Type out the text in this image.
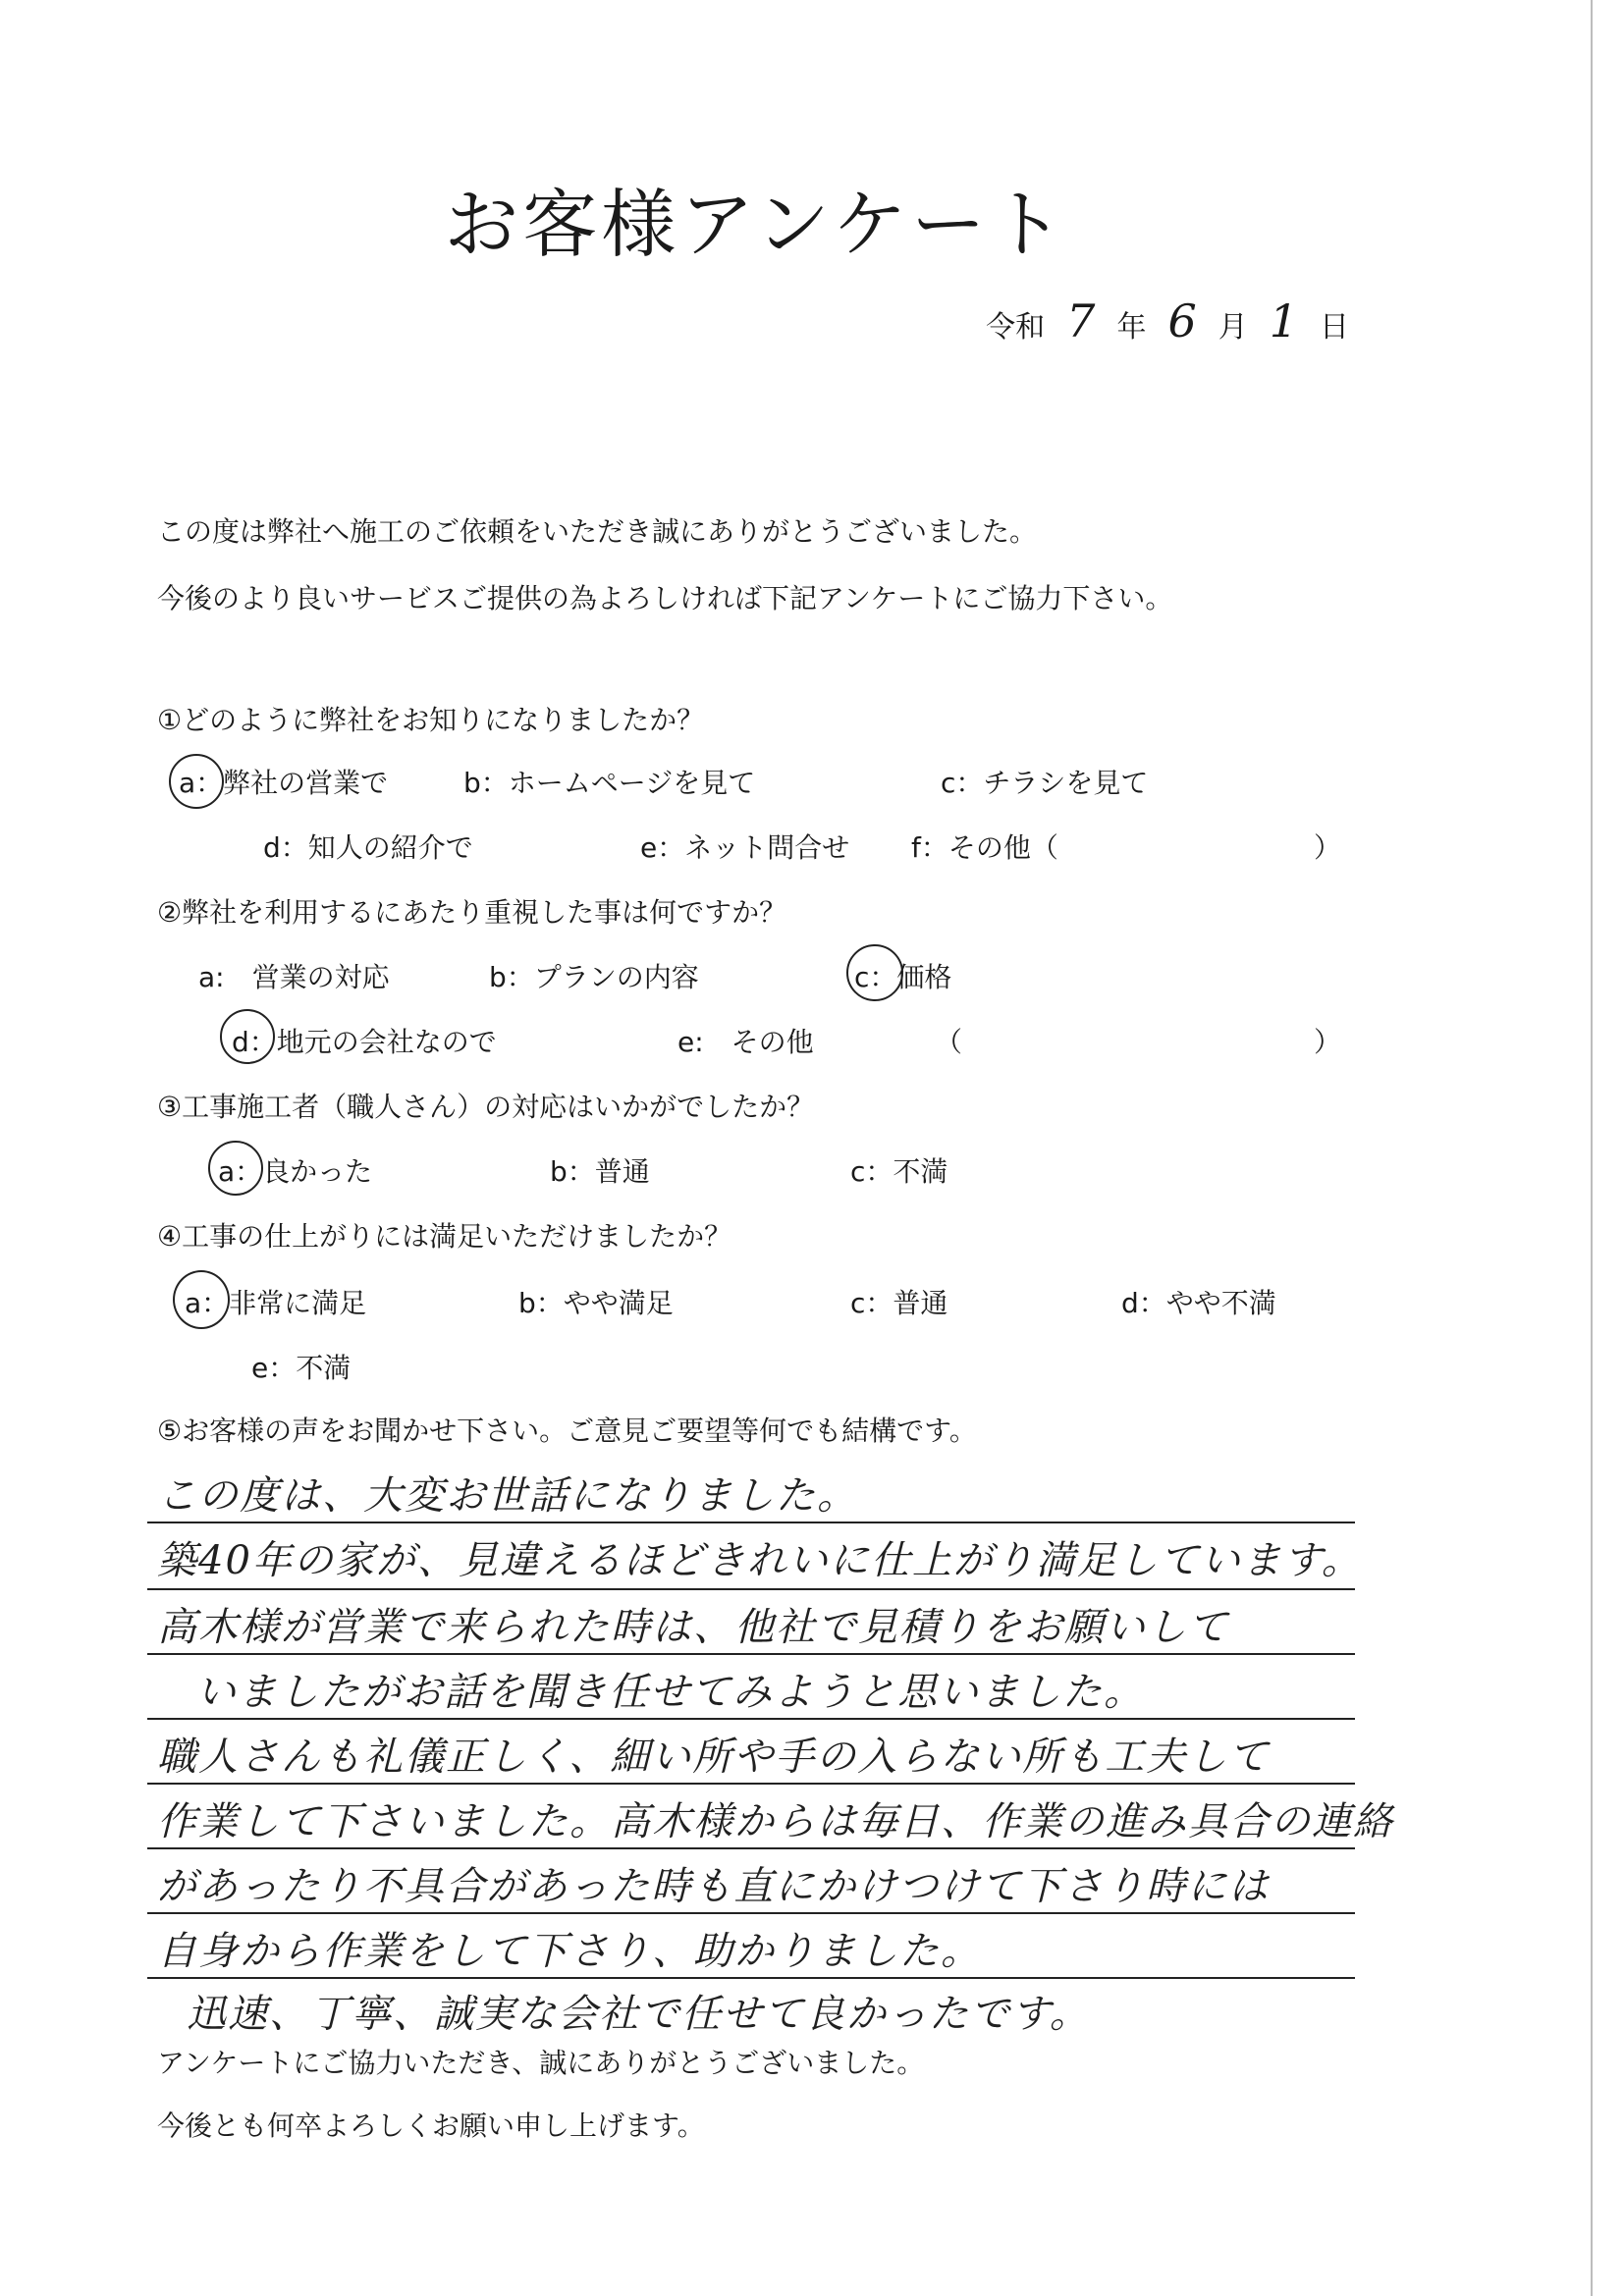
お客様アンケート
令和 7 年 6 月 1 日
この度は弊社へ施工のご依頼をいただき誠にありがとうございました。
今後のより良いサービスご提供の為よろしければ下記アンケートにご協力下さい。
①どのように弊社をお知りになりましたか？
a：弊社の営業で	b：ホームページを見て	c：チラシを見て
d：知人の紹介で	e：ネット問合せ f：その他（	）
②弊社を利用するにあたり重視した事は何ですか？
a:　営業の対応	b：プランの内容	c：価格
d：地元の会社なので	e:　その他	（	）
③工事施工者（職人さん）の対応はいかがでしたか？
a：良かった	b：普通	c：不満
④工事の仕上がりには満足いただけましたか？
a：非常に満足	b：やや満足	c：普通	d：やや不満
e：不満
⑤お客様の声をお聞かせ下さい。ご意見ご要望等何でも結構です。
この度は、大変お世話になりました。
築40年の家が、見違えるほどきれいに仕上がり満足しています。
高木様が営業で来られた時は、他社で見積りをお願いして
いましたがお話を聞き任せてみようと思いました。
職人さんも礼儀正しく、細い所や手の入らない所も工夫して
作業して下さいました。高木様からは毎日、作業の進み具合の連絡
があったり不具合があった時も直にかけつけて下さり時には
自身から作業をして下さり、助かりました。
迅速、丁寧、誠実な会社で任せて良かったです。
アンケートにご協力いただき、誠にありがとうございました。
今後とも何卒よろしくお願い申し上げます。
